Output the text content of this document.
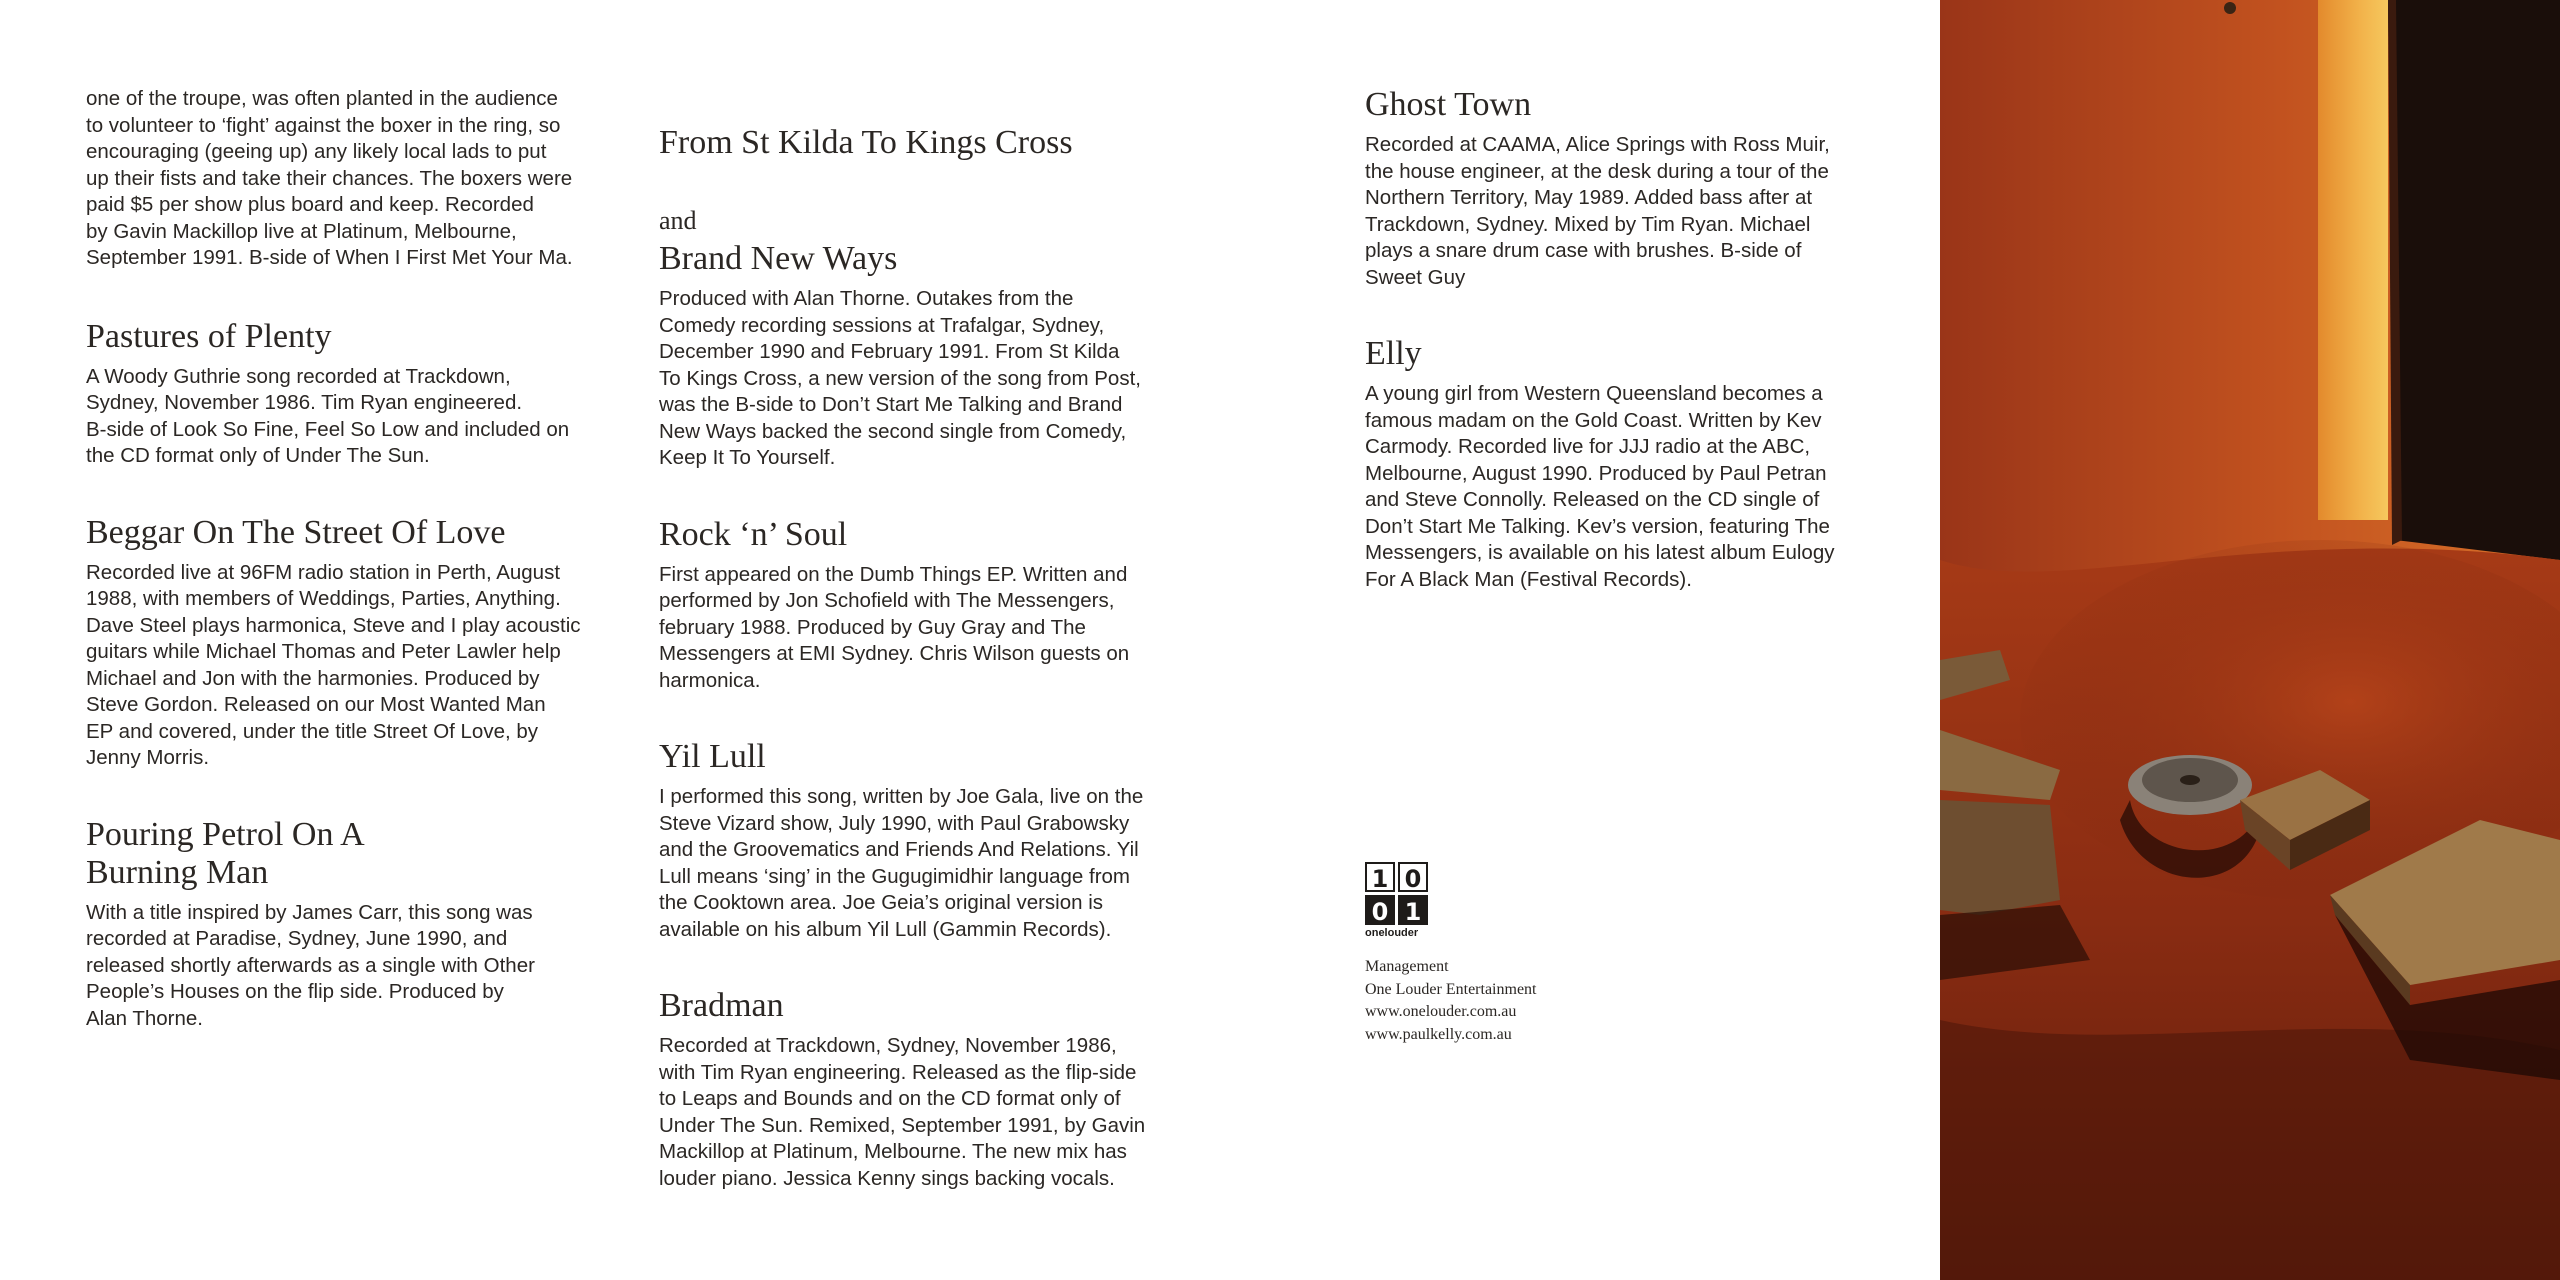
one of the troupe, was often planted in the audience
to volunteer to ‘fight’ against the boxer in the ring, so
encouraging (geeing up) any likely local lads to put
up their fists and take their chances. The boxers were
paid $5 per show plus board and keep. Recorded
by Gavin Mackillop live at Platinum, Melbourne,
September 1991. B-side of When I First Met Your Ma.

Pastures of Plenty

A Woody Guthrie song recorded at Trackdown,
Sydney, November 1986. Tim Ryan engineered.
B-side of Look So Fine, Feel So Low and included on
the CD format only of Under The Sun.

Beggar On The Street Of Love

Recorded live at 96FM radio station in Perth, August
1988, with members of Weddings, Parties, Anything.
Dave Steel plays harmonica, Steve and I play acoustic
guitars while Michael Thomas and Peter Lawler help
Michael and Jon with the harmonies. Produced by
Steve Gordon. Released on our Most Wanted Man
EP and covered, under the title Street Of Love, by
Jenny Morris.

Pouring Petrol On A
Burning Man

With a title inspired by James Carr, this song was
recorded at Paradise, Sydney, June 1990, and
released shortly afterwards as a single with Other
People’s Houses on the flip side. Produced by
Alan Thorne.

From St Kilda To Kings Cross

and
Brand New Ways

Produced with Alan Thorne. Outakes from the
Comedy recording sessions at Trafalgar, Sydney,
December 1990 and February 1991. From St Kilda
To Kings Cross, a new version of the song from Post,
was the B-side to Don’t Start Me Talking and Brand
New Ways backed the second single from Comedy,
Keep It To Yourself.

Rock ‘n’ Soul

First appeared on the Dumb Things EP. Written and
performed by Jon Schofield with The Messengers,
february 1988. Produced by Guy Gray and The
Messengers at EMI Sydney. Chris Wilson guests on
harmonica.

Yil Lull

I performed this song, written by Joe Gala, live on the
Steve Vizard show, July 1990, with Paul Grabowsky
and the Groovematics and Friends And Relations. Yil
Lull means ‘sing’ in the Gugugimidhir language from
the Cooktown area. Joe Geia’s original version is
available on his album Yil Lull (Gammin Records).

Bradman

Recorded at Trackdown, Sydney, November 1986,
with Tim Ryan engineering. Released as the flip-side
to Leaps and Bounds and on the CD format only of
Under The Sun. Remixed, September 1991, by Gavin
Mackillop at Platinum, Melbourne. The new mix has
louder piano. Jessica Kenny sings backing vocals.

Ghost Town

Recorded at CAAMA, Alice Springs with Ross Muir,
the house engineer, at the desk during a tour of the
Northern Territory, May 1989. Added bass after at
Trackdown, Sydney. Mixed by Tim Ryan. Michael
plays a snare drum case with brushes. B-side of
Sweet Guy

Elly

A young girl from Western Queensland becomes a
famous madam on the Gold Coast. Written by Kev
Carmody. Recorded live for JJJ radio at the ABC,
Melbourne, August 1990. Produced by Paul Petran
and Steve Connolly. Released on the CD single of
Don’t Start Me Talking. Kev’s version, featuring The
Messengers, is available on his latest album Eulogy
For A Black Man (Festival Records).

1 0
0 1
onelouder
Management
One Louder Entertainment
www.onelouder.com.au
www.paulkelly.com.au
